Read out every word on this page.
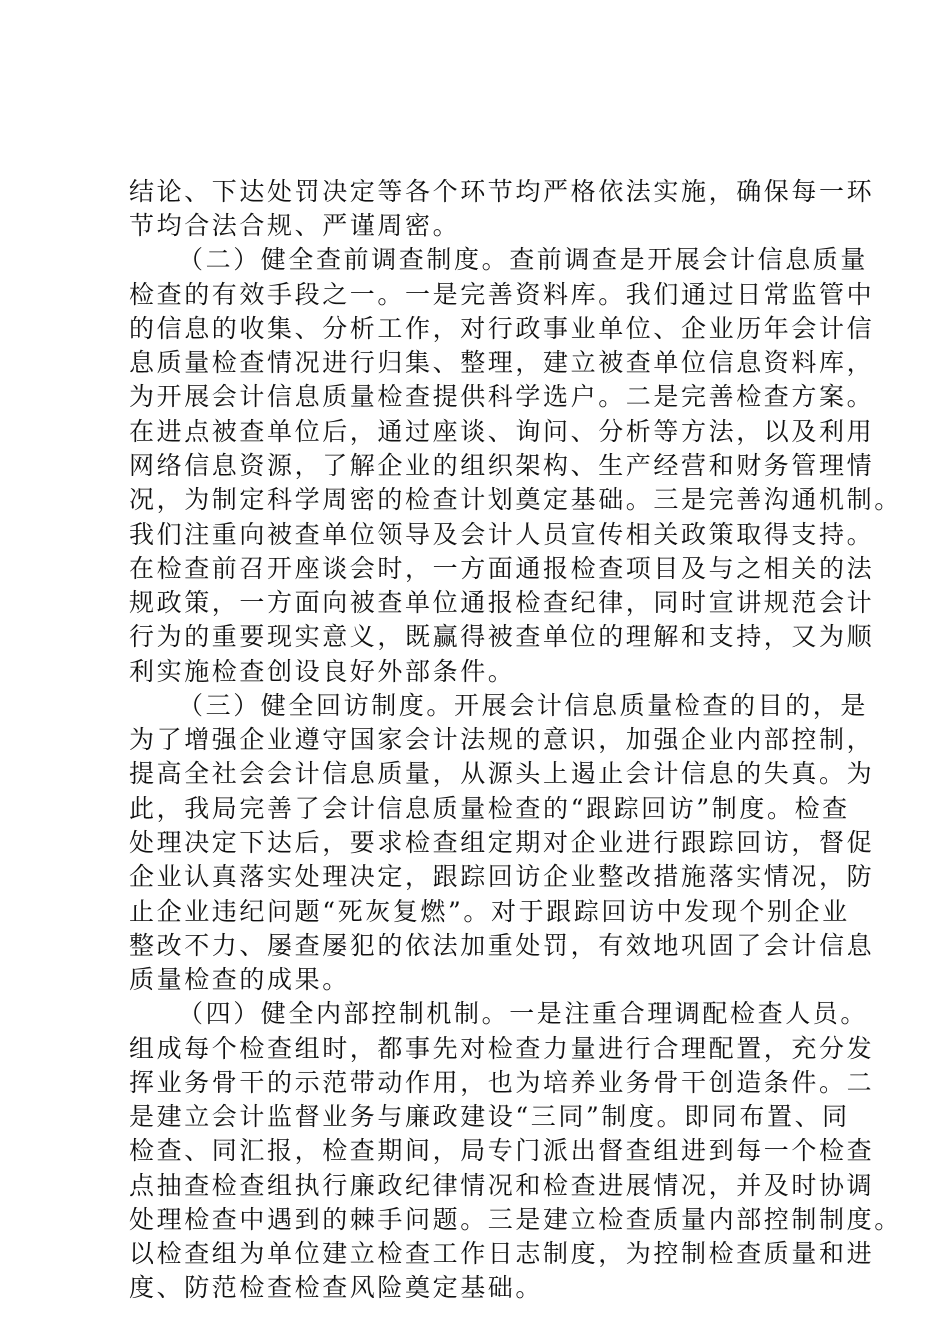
结论、下达处罚决定等各个环节均严格依法实施，确保每一环
节均合法合规、严谨周密。
（二）健全查前调查制度。查前调查是开展会计信息质量
检查的有效手段之一。一是完善资料库。我们通过日常监管中
的信息的收集、分析工作，对行政事业单位、企业历年会计信
息质量检查情况进行归集、整理，建立被查单位信息资料库，
为开展会计信息质量检查提供科学选户。二是完善检查方案。
在进点被查单位后，通过座谈、询问、分析等方法，以及利用
网络信息资源，了解企业的组织架构、生产经营和财务管理情
况，为制定科学周密的检查计划奠定基础。三是完善沟通机制。
我们注重向被查单位领导及会计人员宣传相关政策取得支持。
在检查前召开座谈会时，一方面通报检查项目及与之相关的法
规政策，一方面向被查单位通报检查纪律，同时宣讲规范会计
行为的重要现实意义，既赢得被查单位的理解和支持，又为顺
利实施检查创设良好外部条件。
（三）健全回访制度。开展会计信息质量检查的目的，是
为了增强企业遵守国家会计法规的意识，加强企业内部控制，
提高全社会会计信息质量，从源头上遏止会计信息的失真。为
此，我局完善了会计信息质量检查的“跟踪回访”制度。检查
处理决定下达后，要求检查组定期对企业进行跟踪回访，督促
企业认真落实处理决定，跟踪回访企业整改措施落实情况，防
止企业违纪问题“死灰复燃”。对于跟踪回访中发现个别企业
整改不力、屡查屡犯的依法加重处罚，有效地巩固了会计信息
质量检查的成果。
（四）健全内部控制机制。一是注重合理调配检查人员。
组成每个检查组时，都事先对检查力量进行合理配置，充分发
挥业务骨干的示范带动作用，也为培养业务骨干创造条件。二
是建立会计监督业务与廉政建设“三同”制度。即同布置、同
检查、同汇报，检查期间，局专门派出督查组进到每一个检查
点抽查检查组执行廉政纪律情况和检查进展情况，并及时协调
处理检查中遇到的棘手问题。三是建立检查质量内部控制制度。
以检查组为单位建立检查工作日志制度，为控制检查质量和进
度、防范检查检查风险奠定基础。
